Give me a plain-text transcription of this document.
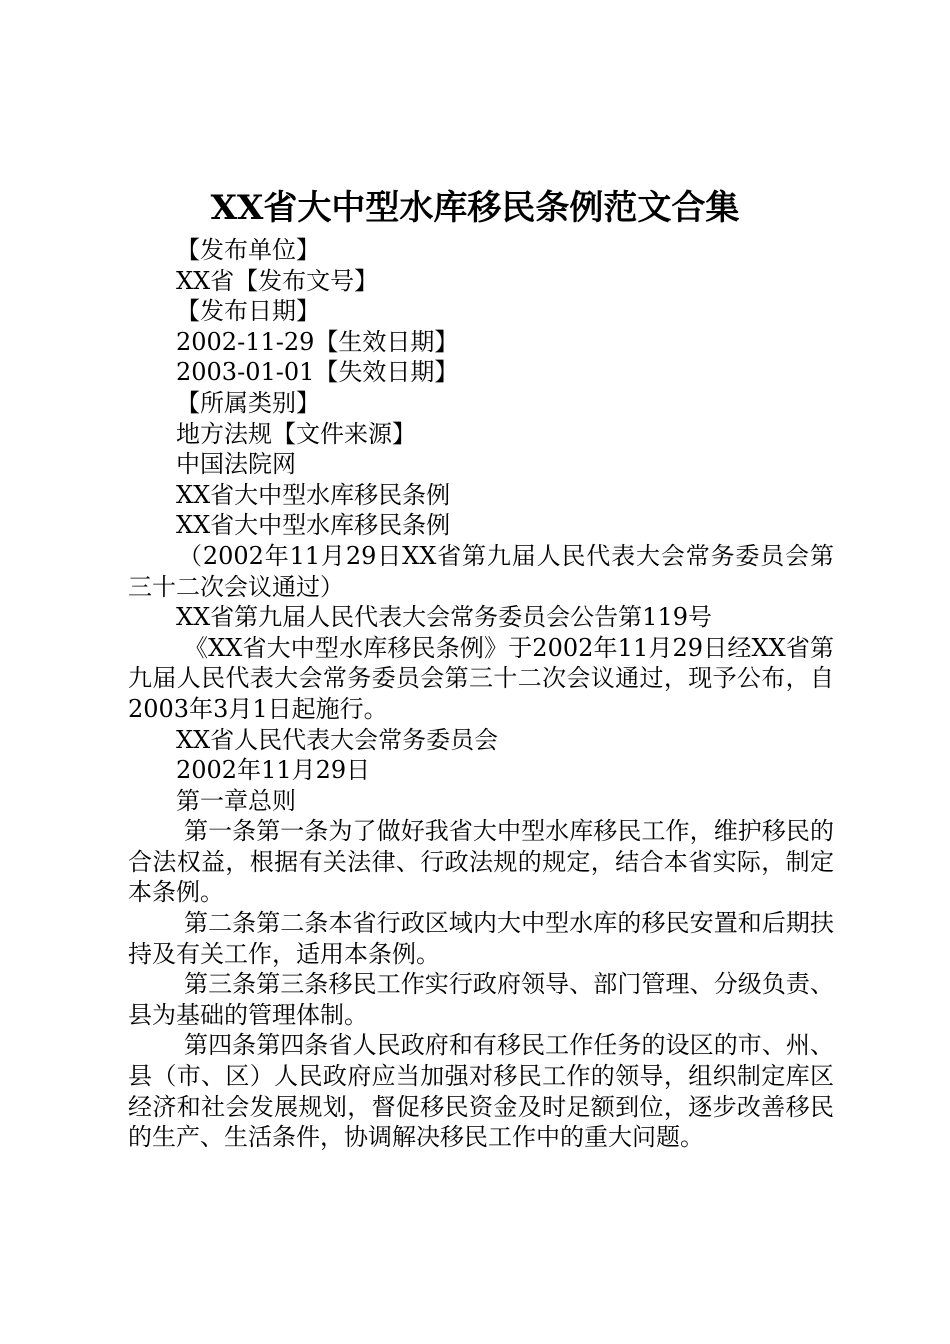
XX省大中型水库移民条例范文合集
【发布单位】
XX省【发布文号】
【发布日期】
2002-11-29【生效日期】
2003-01-01【失效日期】
【所属类别】
地方法规【文件来源】
中国法院网
XX省大中型水库移民条例
XX省大中型水库移民条例
（2002年11月29日XX省第九届人民代表大会常务委员会第三十二次会议通过）
XX省第九届人民代表大会常务委员会公告第119号
《XX省大中型水库移民条例》于2002年11月29日经XX省第九届人民代表大会常务委员会第三十二次会议通过，现予公布，自2003年3月1日起施行。
XX省人民代表大会常务委员会
2002年11月29日
第一章总则
第一条第一条为了做好我省大中型水库移民工作，维护移民的合法权益，根据有关法律、行政法规的规定，结合本省实际，制定本条例。
第二条第二条本省行政区域内大中型水库的移民安置和后期扶持及有关工作，适用本条例。
第三条第三条移民工作实行政府领导、部门管理、分级负责、县为基础的管理体制。
第四条第四条省人民政府和有移民工作任务的设区的市、州、县（市、区）人民政府应当加强对移民工作的领导，组织制定库区经济和社会发展规划，督促移民资金及时足额到位，逐步改善移民的生产、生活条件，协调解决移民工作中的重大问题。
